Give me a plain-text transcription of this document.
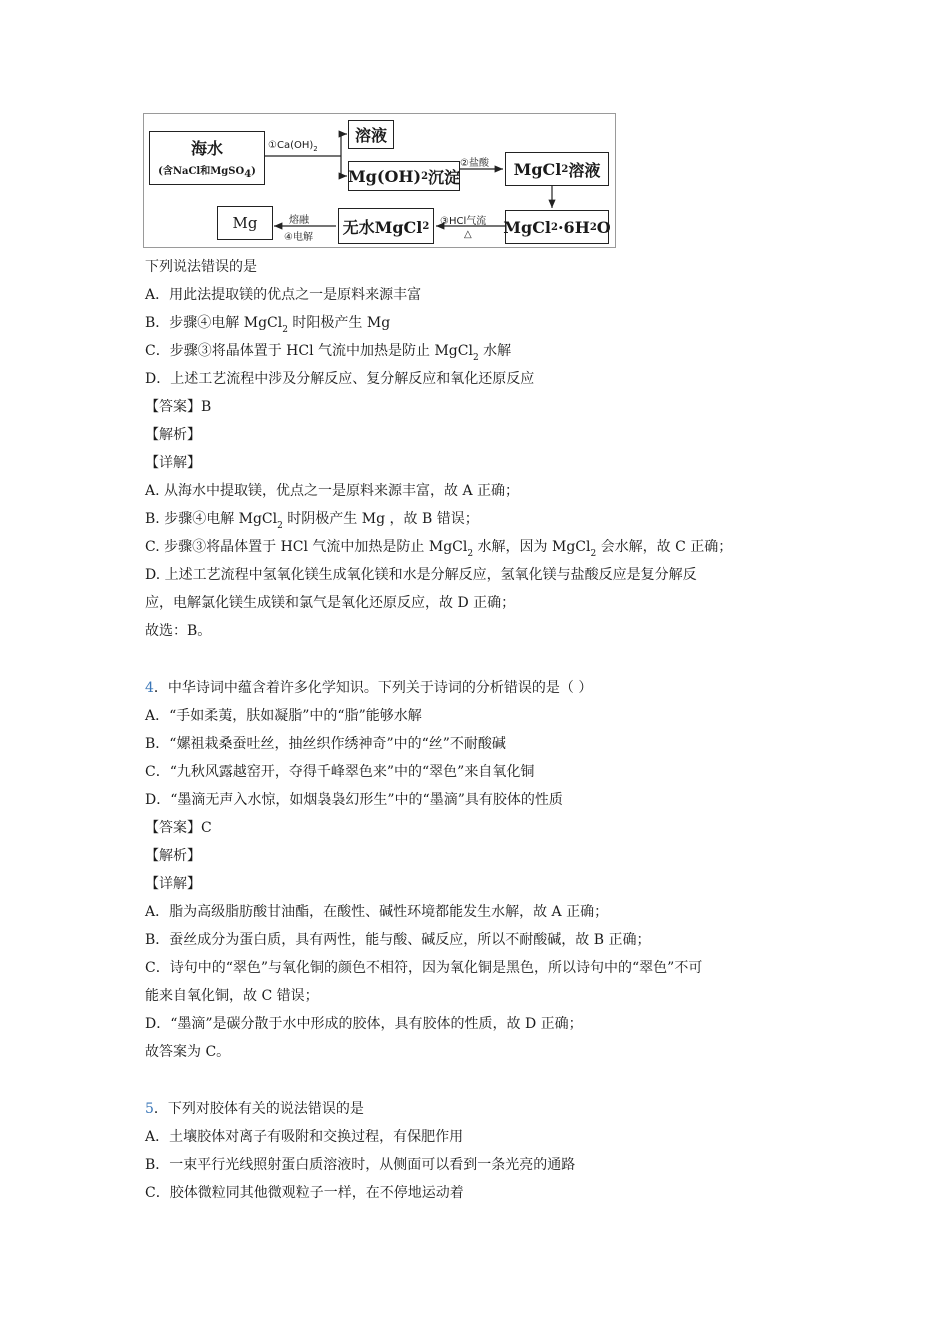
海水
(含NaCl和MgSO4)
溶液
Mg(OH) 2 沉淀	MgCl 2 溶液
MgCl 2 ·6H 2 O
无水MgCl 2
Mg
$①Ca(OH)_2$
②盐酸
③HCl气流
△
熔融
④电解
下列说法错误的是
A．用此法提取镁的优点之一是原料来源丰富
B．步骤④电解 MgCl$_2$ 时阳极产生 Mg
C．步骤③将晶体置于 HCl 气流中加热是防止 MgCl$_2$ 水解
D．上述工艺流程中涉及分解反应、复分解反应和氧化还原反应
【答案】B
【解析】
【详解】
A. 从海水中提取镁，优点之一是原料来源丰富，故 A 正确；
B. 步骤④电解 MgCl$_2$ 时阴极产生 Mg ，故 B 错误；
C. 步骤③将晶体置于 HCl 气流中加热是防止 MgCl$_2$ 水解，因为 MgCl$_2$ 会水解，故 C 正确；
D. 上述工艺流程中氢氧化镁生成氧化镁和水是分解反应，氢氧化镁与盐酸反应是复分解反
应，电解氯化镁生成镁和氯气是氧化还原反应，故 D 正确；
故选：B。
4．中华诗词中蕴含着许多化学知识。下列关于诗词的分析错误的是（ ）
A．“手如柔荑，肤如凝脂”中的“脂”能够水解
B．“嫘祖栽桑蚕吐丝，抽丝织作绣神奇”中的“丝”不耐酸碱
C．“九秋风露越窑开，夺得千峰翠色来”中的“翠色”来自氧化铜
D．“墨滴无声入水惊，如烟袅袅幻形生”中的“墨滴”具有胶体的性质
【答案】C
【解析】
【详解】
A．脂为高级脂肪酸甘油酯，在酸性、碱性环境都能发生水解，故 A 正确；
B．蚕丝成分为蛋白质，具有两性，能与酸、碱反应，所以不耐酸碱，故 B 正确；
C．诗句中的“翠色”与氧化铜的颜色不相符，因为氧化铜是黑色，所以诗句中的“翠色”不可
能来自氧化铜，故 C 错误；
D．“墨滴”是碳分散于水中形成的胶体，具有胶体的性质，故 D 正确；
故答案为 C。
5．下列对胶体有关的说法错误的是
A．土壤胶体对离子有吸附和交换过程，有保肥作用
B．一束平行光线照射蛋白质溶液时，从侧面可以看到一条光亮的通路
C．胶体微粒同其他微观粒子一样，在不停地运动着
